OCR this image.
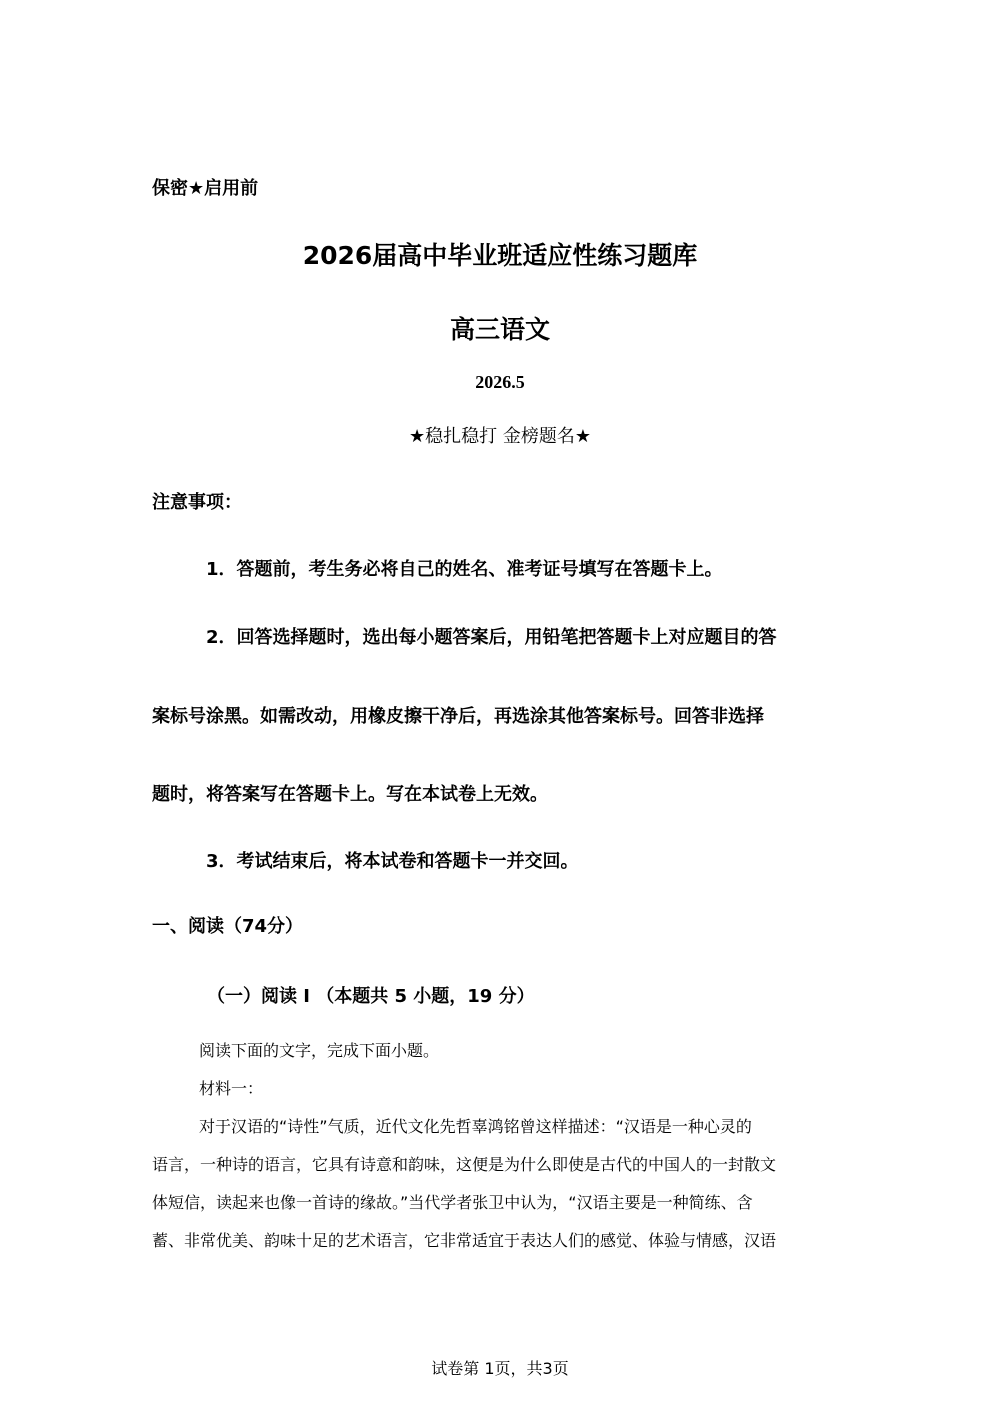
保密★启用前
2026届高中毕业班适应性练习题库
高三语文
2026.5
★稳扎稳打 金榜题名★
注意事项：
1．答题前，考生务必将自己的姓名、准考证号填写在答题卡上。
2．回答选择题时，选出每小题答案后，用铅笔把答题卡上对应题目的答
案标号涂黑。如需改动，用橡皮擦干净后，再选涂其他答案标号。回答非选择
题时，将答案写在答题卡上。写在本试卷上无效。
3．考试结束后，将本试卷和答题卡一并交回。
一、阅读（74分）
（一）阅读 I （本题共 5 小题，19 分）
阅读下面的文字，完成下面小题。
材料一：
对于汉语的“诗性”气质，近代文化先哲辜鸿铭曾这样描述：“汉语是一种心灵的
语言，一种诗的语言，它具有诗意和韵味，这便是为什么即使是古代的中国人的一封散文
体短信，读起来也像一首诗的缘故。”当代学者张卫中认为，“汉语主要是一种简练、含
蓄、非常优美、韵味十足的艺术语言，它非常适宜于表达人们的感觉、体验与情感，汉语
试卷第 1页，共3页
